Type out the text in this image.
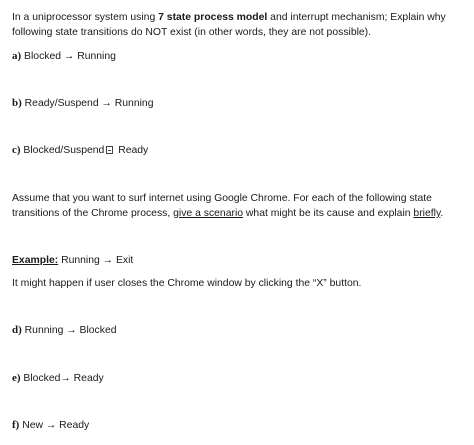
In a uniprocessor system using 7 state process model and interrupt mechanism; Explain why
following state transitions do NOT exist (in other words, they are not possible).
a) Blocked → Running
b) Ready/Suspend → Running
c) Blocked/Suspend Ready
Assume that you want to surf internet using Google Chrome. For each of the following state
transitions of the Chrome process, give a scenario what might be its cause and explain briefly.
Example: Running → Exit
It might happen if user closes the Chrome window by clicking the “X” button.
d) Running → Blocked
e) Blocked→ Ready
f) New → Ready
